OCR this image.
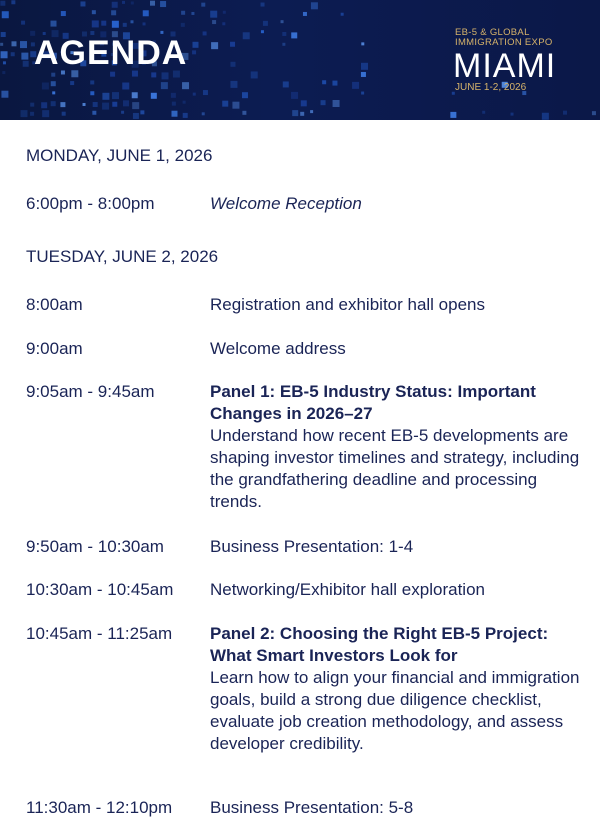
AGENDA
EB-5 & GLOBAL
IMMIGRATION EXPO
MIAMI
JUNE 1-2, 2026
MONDAY, JUNE 1, 2026
6:00pm - 8:00pm	Welcome Reception
TUESDAY, JUNE 2, 2026
8:00am	Registration and exhibitor hall opens
9:00am	Welcome address
9:05am - 9:45am	Panel 1: EB-5 Industry Status: Important Changes in 2026–27
Understand how recent EB-5 developments are shaping investor timelines and strategy, including the grandfathering deadline and processing trends.
9:50am - 10:30am	Business Presentation: 1-4
10:30am - 10:45am	Networking/Exhibitor hall exploration
10:45am - 11:25am	Panel 2: Choosing the Right EB-5 Project: What Smart Investors Look for
Learn how to align your financial and immigration goals, build a strong due diligence checklist, evaluate job creation methodology, and assess developer credibility.
11:30am - 12:10pm	Business Presentation: 5-8
